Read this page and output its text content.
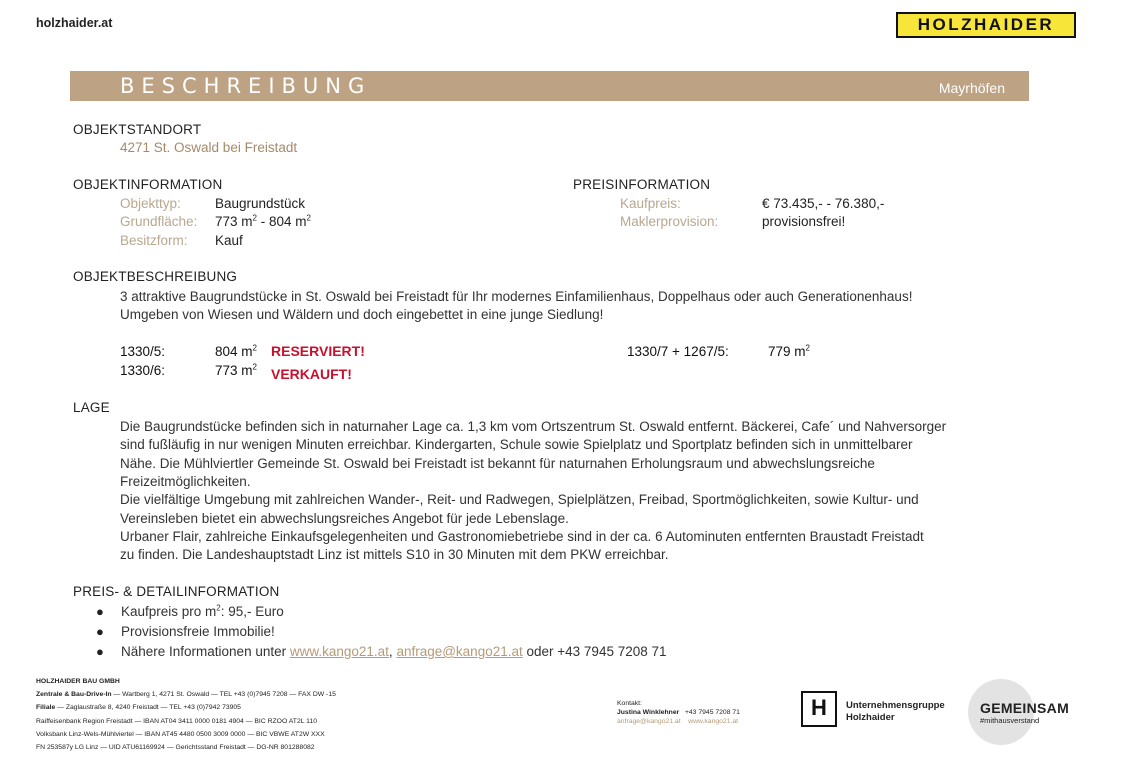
holzhaider.at	HOLZHAIDER
BESCHREIBUNG	Mayrhöfen
OBJEKTSTANDORT
4271 St. Oswald bei Freistadt
OBJEKTINFORMATION
Objekttyp:	Baugrundstück
Grundfläche: 773 $m^2 - 804$ $m^2$
Besitzform: Kauf
PREISINFORMATION
Kaufpreis:	€ 73.435,- - 76.380,-
Maklerprovision:	provisionsfrei!
OBJEKTBESCHREIBUNG
3 attraktive Baugrundstücke in St. Oswald bei Freistadt für Ihr modernes Einfamilienhaus, Doppelhaus oder auch Generationenhaus!
Umgeben von Wiesen und Wäldern und doch eingebettet in eine junge Siedlung!
1330/5:	804 $m^2$ RESERVIERT!
1330/6:	773 $m^2$ VERKAUFT!
1330/7 + 1267/5:	779 $m^2$
LAGE
Die Baugrundstücke befinden sich in naturnaher Lage ca. 1,3 km vom Ortszentrum St. Oswald entfernt. Bäckerei, Cafe´ und Nahversorger
sind fußläufig in nur wenigen Minuten erreichbar. Kindergarten, Schule sowie Spielplatz und Sportplatz befinden sich in unmittelbarer
Nähe. Die Mühlviertler Gemeinde St. Oswald bei Freistadt ist bekannt für naturnahen Erholungsraum und abwechslungsreiche
Freizeitmöglichkeiten.
Die vielfältige Umgebung mit zahlreichen Wander-, Reit- und Radwegen, Spielplätzen, Freibad, Sportmöglichkeiten, sowie Kultur- und
Vereinsleben bietet ein abwechslungsreiches Angebot für jede Lebenslage.
Urbaner Flair, zahlreiche Einkaufsgelegenheiten und Gastronomiebetriebe sind in der ca. 6 Autominuten entfernten Braustadt Freistadt
zu finden. Die Landeshauptstadt Linz ist mittels S10 in 30 Minuten mit dem PKW erreichbar.
PREIS- & DETAILINFORMATION
● Kaufpreis pro $m^2$: 95,- Euro
● Provisionsfreie Immobilie!
● Nähere Informationen unter www.kango21.at, anfrage@kango21.at oder +43 7945 7208 71
HOLZHAIDER BAU GMBH
Zentrale & Bau-Drive-In — Wartberg 1, 4271 St. Oswald — TEL +43 (0)7945 7208 — FAX DW -15
Filiale — Zaglaustraße 8, 4240 Freistadt — TEL +43 (0)7942 73905
Raiffeisenbank Region Freistadt — IBAN AT04 3411 0000 0181 4904 — BIC RZOO AT2L 110
Volksbank Linz-Wels-Mühlviertel — IBAN AT45 4480 0500 3009 0000 — BIC VBWE AT2W XXX
FN 253587y LG Linz — UID ATU61169924 — Gerichtsstand Freistadt — DG-NR 801288082
Kontakt:
Justina Winklehner +43 7945 7208 71
anfrage@kango21.at www.kango21.at
H	Unternehmensgruppe
Holzhaider
GEMEINSAM
#mithausverstand
